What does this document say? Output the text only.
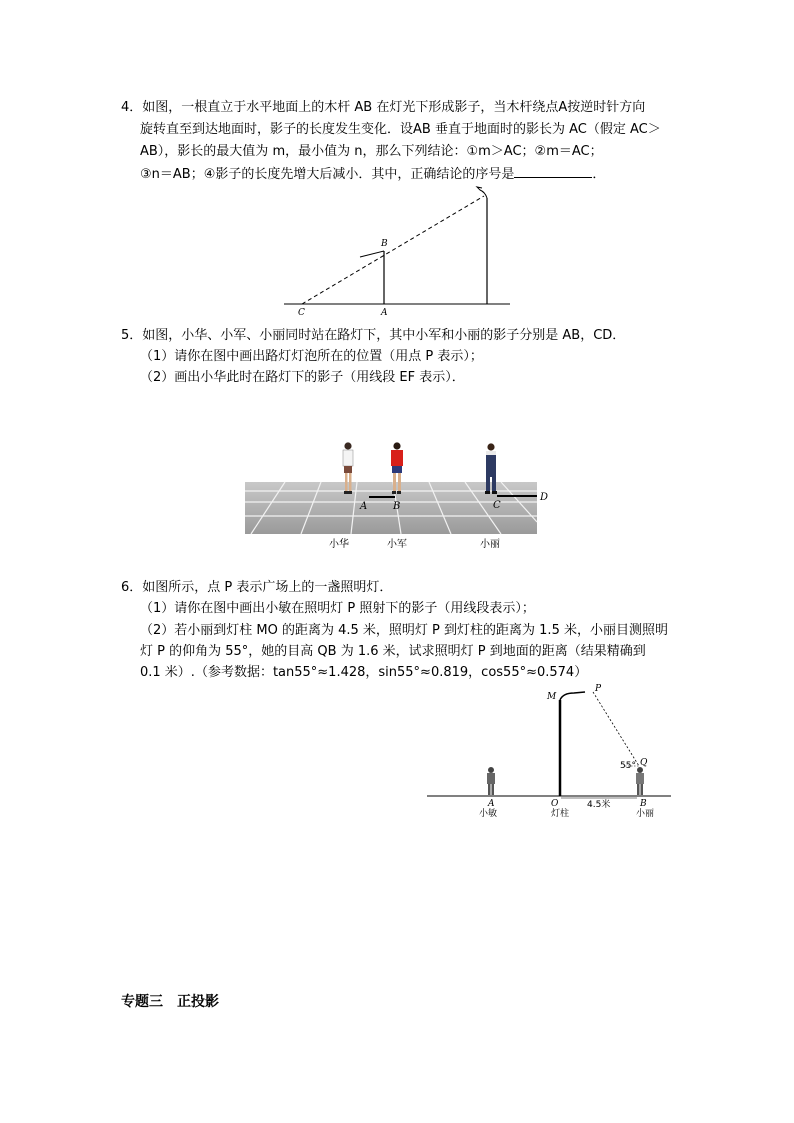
4．如图，一根直立于水平地面上的木杆 AB 在灯光下形成影子，当木杆绕点A按逆时针方向
旋转直至到达地面时，影子的长度发生变化．设AB 垂直于地面时的影长为 AC（假定 AC＞
AB），影长的最大值为 m，最小值为 n，那么下列结论：①m＞AC；②m＝AC；
③n＝AB；④影子的长度先增大后减小．其中，正确结论的序号是	．
C	A
B
5．如图，小华、小军、小丽同时站在路灯下，其中小军和小丽的影子分别是 AB，CD．
（1）请你在图中画出路灯灯泡所在的位置（用点 P 表示）；
（2）画出小华此时在路灯下的影子（用线段 EF 表示）．
A	B	C
D
小华	小军	小丽
6．如图所示，点 P 表示广场上的一盏照明灯．
（1）请你在图中画出小敏在照明灯 P 照射下的影子（用线段表示）；
（2）若小丽到灯柱 MO 的距离为 4.5 米，照明灯 P 到灯柱的距离为 1.5 米，小丽目测照明
灯 P 的仰角为 55°，她的目高 QB 为 1.6 米，试求照明灯 P 到地面的距离（结果精确到
0.1 米）.（参考数据：tan55°≈1.428，sin55°≈0.819，cos55°≈0.574）
M
P
Q
55°
A	O	B
4.5米
小敏	灯柱	小丽
专题三　正投影
